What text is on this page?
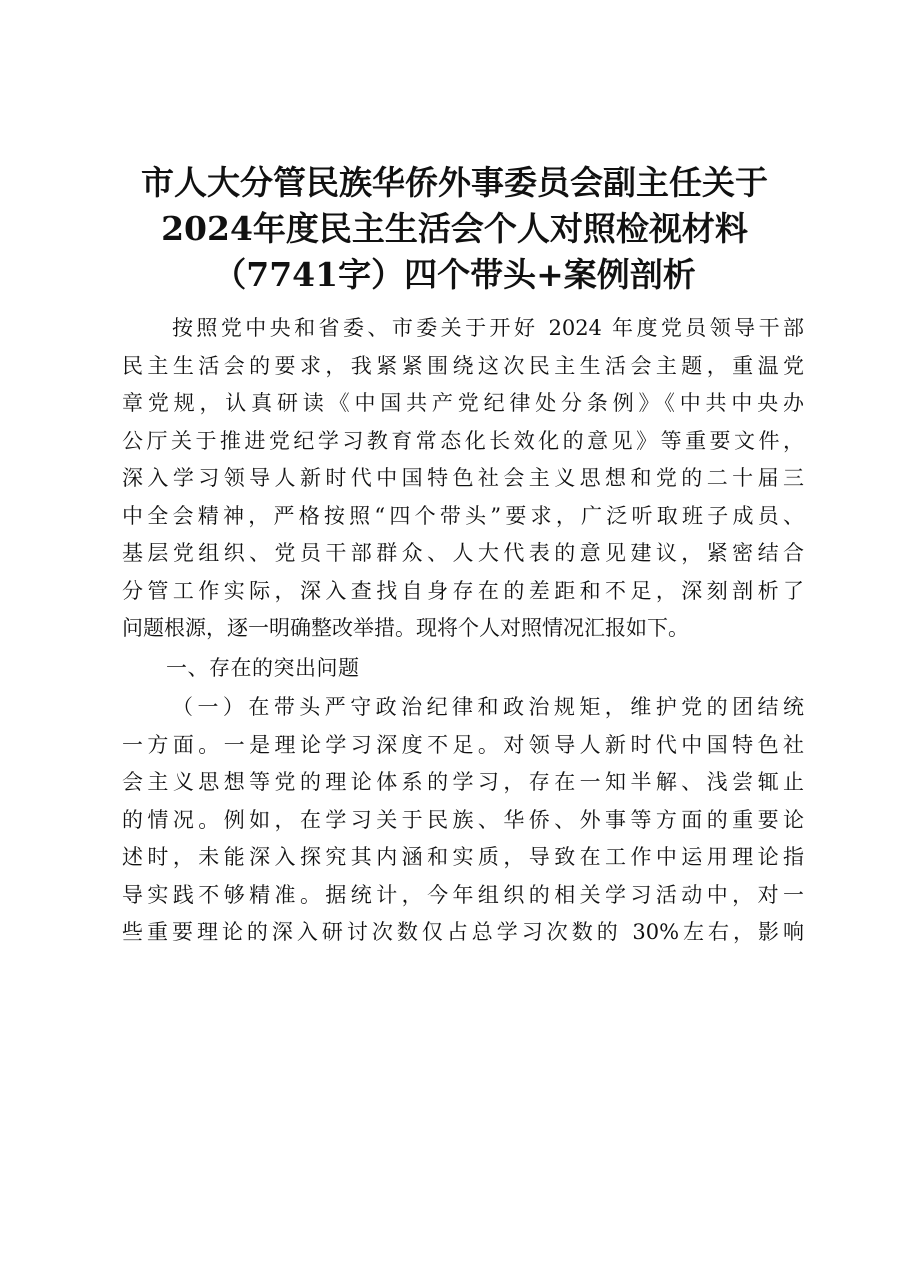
市人大分管民族华侨外事委员会副主任关于
2024年度民主生活会个人对照检视材料
（7741字）四个带头+案例剖析
按照党中央和省委、市委关于开好 2024 年度党员领导干部
民主生活会的要求，我紧紧围绕这次民主生活会主题，重温党
章党规，认真研读《中国共产党纪律处分条例》《中共中央办
公厅关于推进党纪学习教育常态化长效化的意见》等重要文件，
深入学习领导人新时代中国特色社会主义思想和党的二十届三
中全会精神，严格按照“四个带头”要求，广泛听取班子成员、
基层党组织、党员干部群众、人大代表的意见建议，紧密结合
分管工作实际，深入查找自身存在的差距和不足，深刻剖析了
问题根源，逐一明确整改举措。现将个人对照情况汇报如下。
一、存在的突出问题
（一）在带头严守政治纪律和政治规矩，维护党的团结统
一方面。一是理论学习深度不足。对领导人新时代中国特色社
会主义思想等党的理论体系的学习，存在一知半解、浅尝辄止
的情况。例如，在学习关于民族、华侨、外事等方面的重要论
述时，未能深入探究其内涵和实质，导致在工作中运用理论指
导实践不够精准。据统计，今年组织的相关学习活动中，对一
些重要理论的深入研讨次数仅占总学习次数的 30%左右，影响
